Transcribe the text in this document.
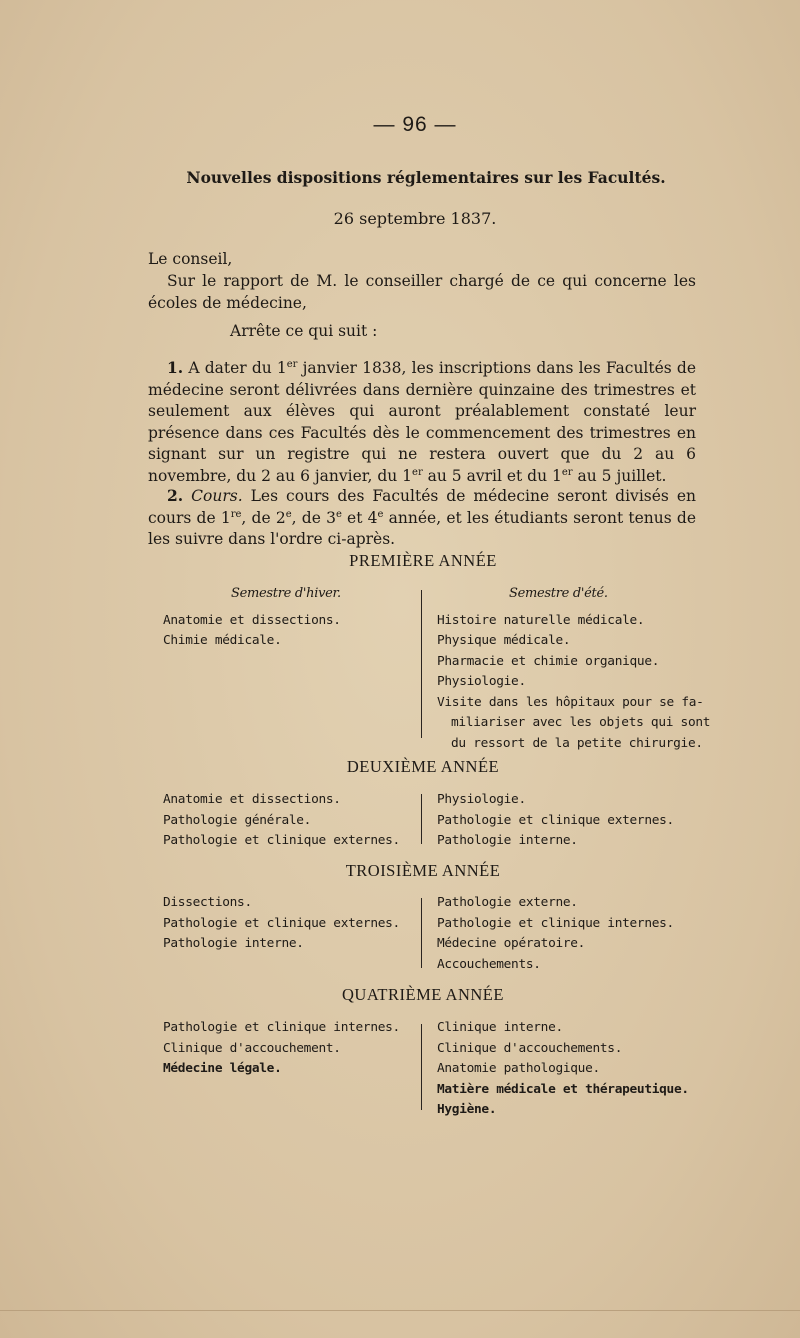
— 96 —
Nouvelles dispositions réglementaires sur les Facultés.
26 septembre 1837.
Le conseil,
Sur le rapport de M. le conseiller chargé de ce qui concerne les écoles de médecine,
Arrête ce qui suit :
1. A dater du 1er janvier 1838, les inscriptions dans les Facultés de médecine seront délivrées dans dernière quinzaine des trimestres et seulement aux élèves qui auront préalablement constaté leur présence dans ces Facultés dès le commencement des trimestres en signant sur un registre qui ne restera ouvert que du 2 au 6 novembre, du 2 au 6 janvier, du 1er au 5 avril et du 1er au 5 juillet.
2. Cours. Les cours des Facultés de médecine seront divisés en cours de 1re, de 2e, de 3e et 4e année, et les étudiants seront tenus de les suivre dans l'ordre ci-après.
PREMIÈRE ANNÉE
Semestre d'hiver.
Anatomie et dissections.
Chimie médicale.
Semestre d'été.
Histoire naturelle médicale.
Physique médicale.
Pharmacie et chimie organique.
Physiologie.
Visite dans les hôpitaux pour se fa-
miliariser avec les objets qui sont
du ressort de la petite chirurgie.
DEUXIÈME ANNÉE
Anatomie et dissections.
Pathologie générale.
Pathologie et clinique externes.
Physiologie.
Pathologie et clinique externes.
Pathologie interne.
TROISIÈME ANNÉE
Dissections.
Pathologie et clinique externes.
Pathologie interne.
Pathologie externe.
Pathologie et clinique internes.
Médecine opératoire.
Accouchements.
QUATRIÈME ANNÉE
Pathologie et clinique internes.
Clinique d'accouchement.
Médecine légale.
Clinique interne.
Clinique d'accouchements.
Anatomie pathologique.
Matière médicale et thérapeutique.
Hygiène.
